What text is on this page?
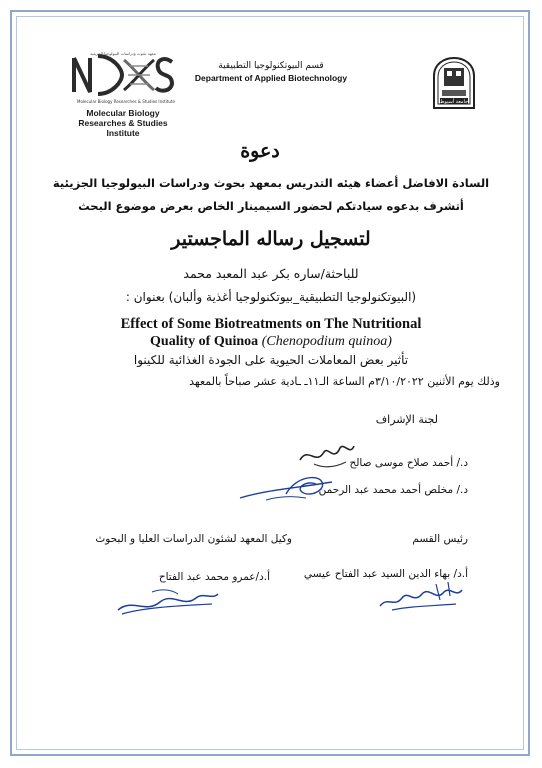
معهد بحوث ودراسات البيولوجيا الجزيئية
Molecular Biology Researches & Studies Institute
Molecular Biology Researches & Studies Institute
قسم البيوتكنولوجيا التطبيقية
Department of Applied Biotechnology
جامعة أسيوط
دعوة
السادة الافاضل أعضاء هيئه التدريس بمعهد بحوث ودراسات البيولوجيا الجزيئية
أتشرف بدعوه سيادتكم لحضور السيمينار الخاص بعرض موضوع البحث
لتسجيل رساله الماجستير
للباحثة/ساره بكر عبد المعبد محمد
(البيوتكنولوجيا التطبيقية_بيوتكنولوجيا أغذية وألبان) بعنوان :
Effect of Some Biotreatments on The Nutritional
Quality of Quinoa (Chenopodium quinoa)
تأثير بعض المعاملات الحيوية على الجودة الغذائية للكينوا
وذلك يوم الأثنين ٣/١٠/٢٠٢٢م الساعة الـ١١ـ ـادية عشر صباحاً بالمعهد
لجنة الإشراف
د./ أحمد صلاح موسى صالح
د./ مخلص أحمد محمد عبد الرحمن
رئيس القسم
وكيل المعهد لشئون الدراسات العليا و البحوث
أ.د/ بهاء الدين السيد عبد الفتاح عيسي
أ.د/عمرو محمد عبد الفتاح
